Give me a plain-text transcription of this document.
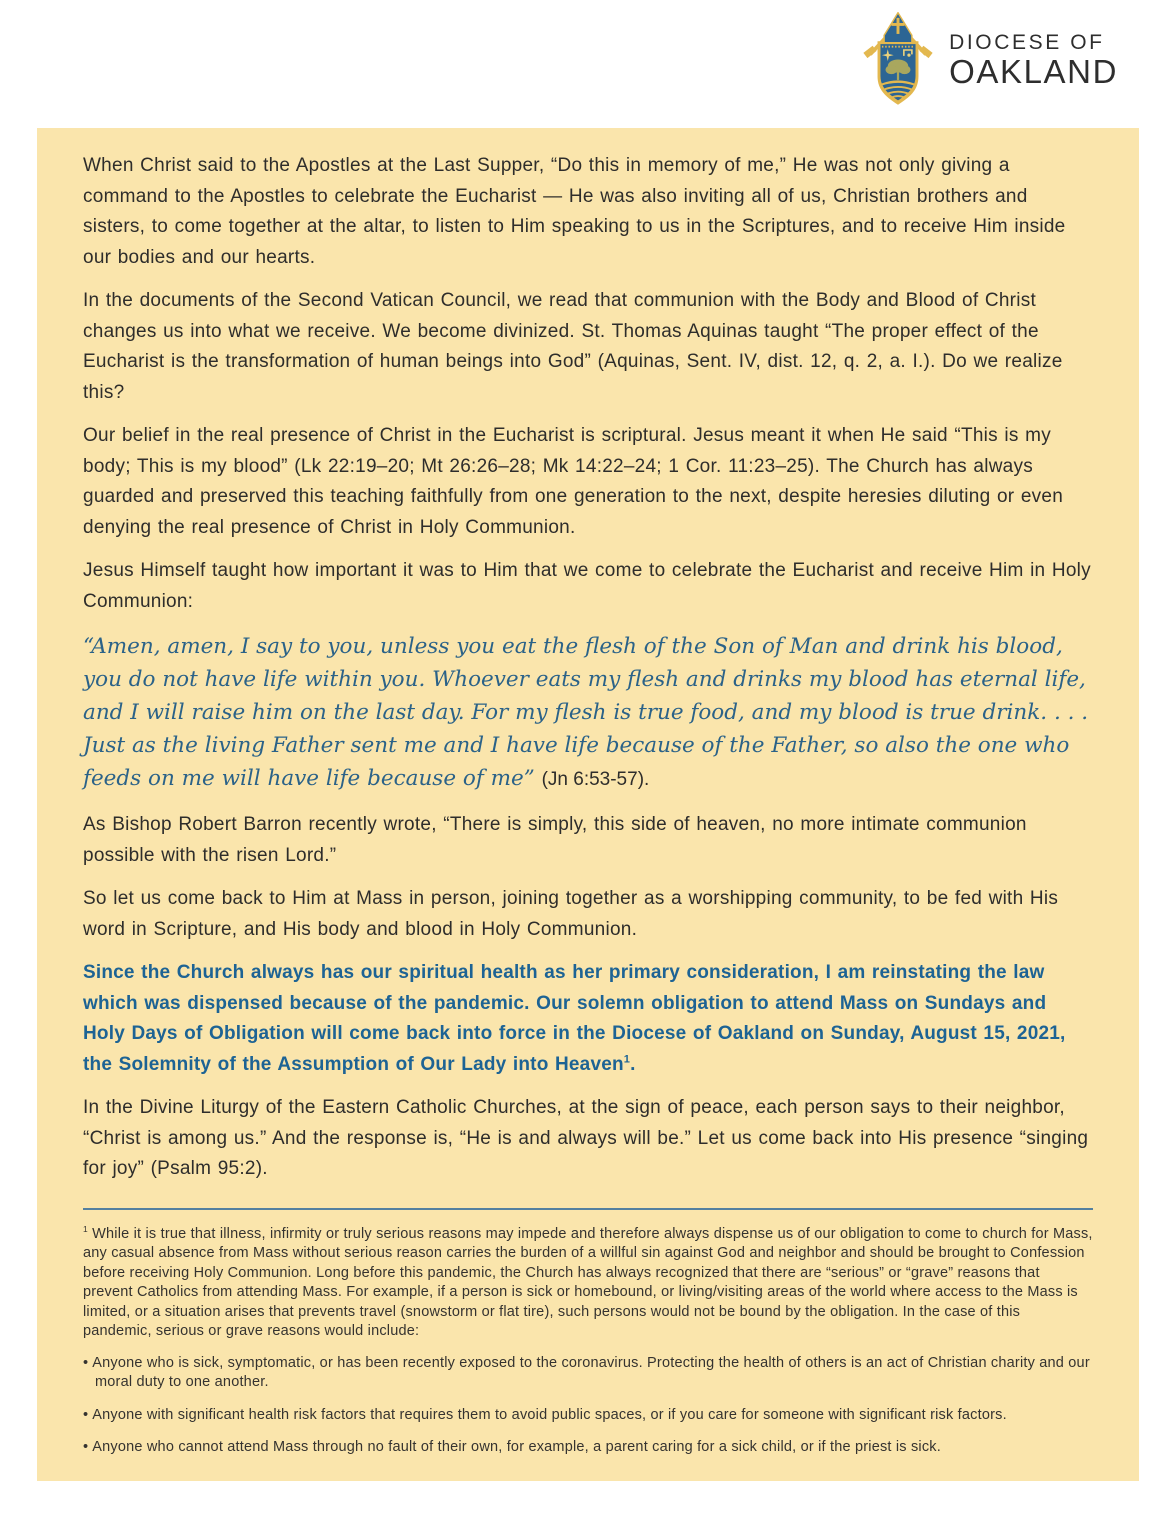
DIOCESE OF
OAKLAND

When Christ said to the Apostles at the Last Supper, “Do this in memory of me,” He was not only giving a command to the Apostles to celebrate the Eucharist — He was also inviting all of us, Christian brothers and sisters, to come together at the altar, to listen to Him speaking to us in the Scriptures, and to receive Him inside our bodies and our hearts.

In the documents of the Second Vatican Council, we read that communion with the Body and Blood of Christ changes us into what we receive. We become divinized. St. Thomas Aquinas taught “The proper effect of the Eucharist is the transformation of human beings into God” (Aquinas, Sent. IV, dist. 12, q. 2, a. I.). Do we realize this?

Our belief in the real presence of Christ in the Eucharist is scriptural. Jesus meant it when He said “This is my body; This is my blood” (Lk 22:19–20; Mt 26:26–28; Mk 14:22–24; 1 Cor. 11:23–25). The Church has always guarded and preserved this teaching faithfully from one generation to the next, despite heresies diluting or even denying the real presence of Christ in Holy Communion.

Jesus Himself taught how important it was to Him that we come to celebrate the Eucharist and receive Him in Holy Communion:

“Amen, amen, I say to you, unless you eat the flesh of the Son of Man and drink his blood, you do not have life within you. Whoever eats my flesh and drinks my blood has eternal life, and I will raise him on the last day. For my flesh is true food, and my blood is true drink. . . . Just as the living Father sent me and I have life because of the Father, so also the one who feeds on me will have life because of me” (Jn 6:53-57).

As Bishop Robert Barron recently wrote, “There is simply, this side of heaven, no more intimate communion possible with the risen Lord.”

So let us come back to Him at Mass in person, joining together as a worshipping community, to be fed with His word in Scripture, and His body and blood in Holy Communion.

Since the Church always has our spiritual health as her primary consideration, I am reinstating the law which was dispensed because of the pandemic. Our solemn obligation to attend Mass on Sundays and Holy Days of Obligation will come back into force in the Diocese of Oakland on Sunday, August 15, 2021, the Solemnity of the Assumption of Our Lady into Heaven$^1$.

In the Divine Liturgy of the Eastern Catholic Churches, at the sign of peace, each person says to their neighbor, “Christ is among us.” And the response is, “He is and always will be.” Let us come back into His presence “singing for joy” (Psalm 95:2).

$^1$ While it is true that illness, infirmity or truly serious reasons may impede and therefore always dispense us of our obligation to come to church for Mass, any casual absence from Mass without serious reason carries the burden of a willful sin against God and neighbor and should be brought to Confession before receiving Holy Communion. Long before this pandemic, the Church has always recognized that there are “serious” or “grave” reasons that prevent Catholics from attending Mass. For example, if a person is sick or homebound, or living/visiting areas of the world where access to the Mass is limited, or a situation arises that prevents travel (snowstorm or flat tire), such persons would not be bound by the obligation. In the case of this pandemic, serious or grave reasons would include:

• Anyone who is sick, symptomatic, or has been recently exposed to the coronavirus. Protecting the health of others is an act of Christian charity and our moral duty to one another.
• Anyone with significant health risk factors that requires them to avoid public spaces, or if you care for someone with significant risk factors.
• Anyone who cannot attend Mass through no fault of their own, for example, a parent caring for a sick child, or if the priest is sick.
